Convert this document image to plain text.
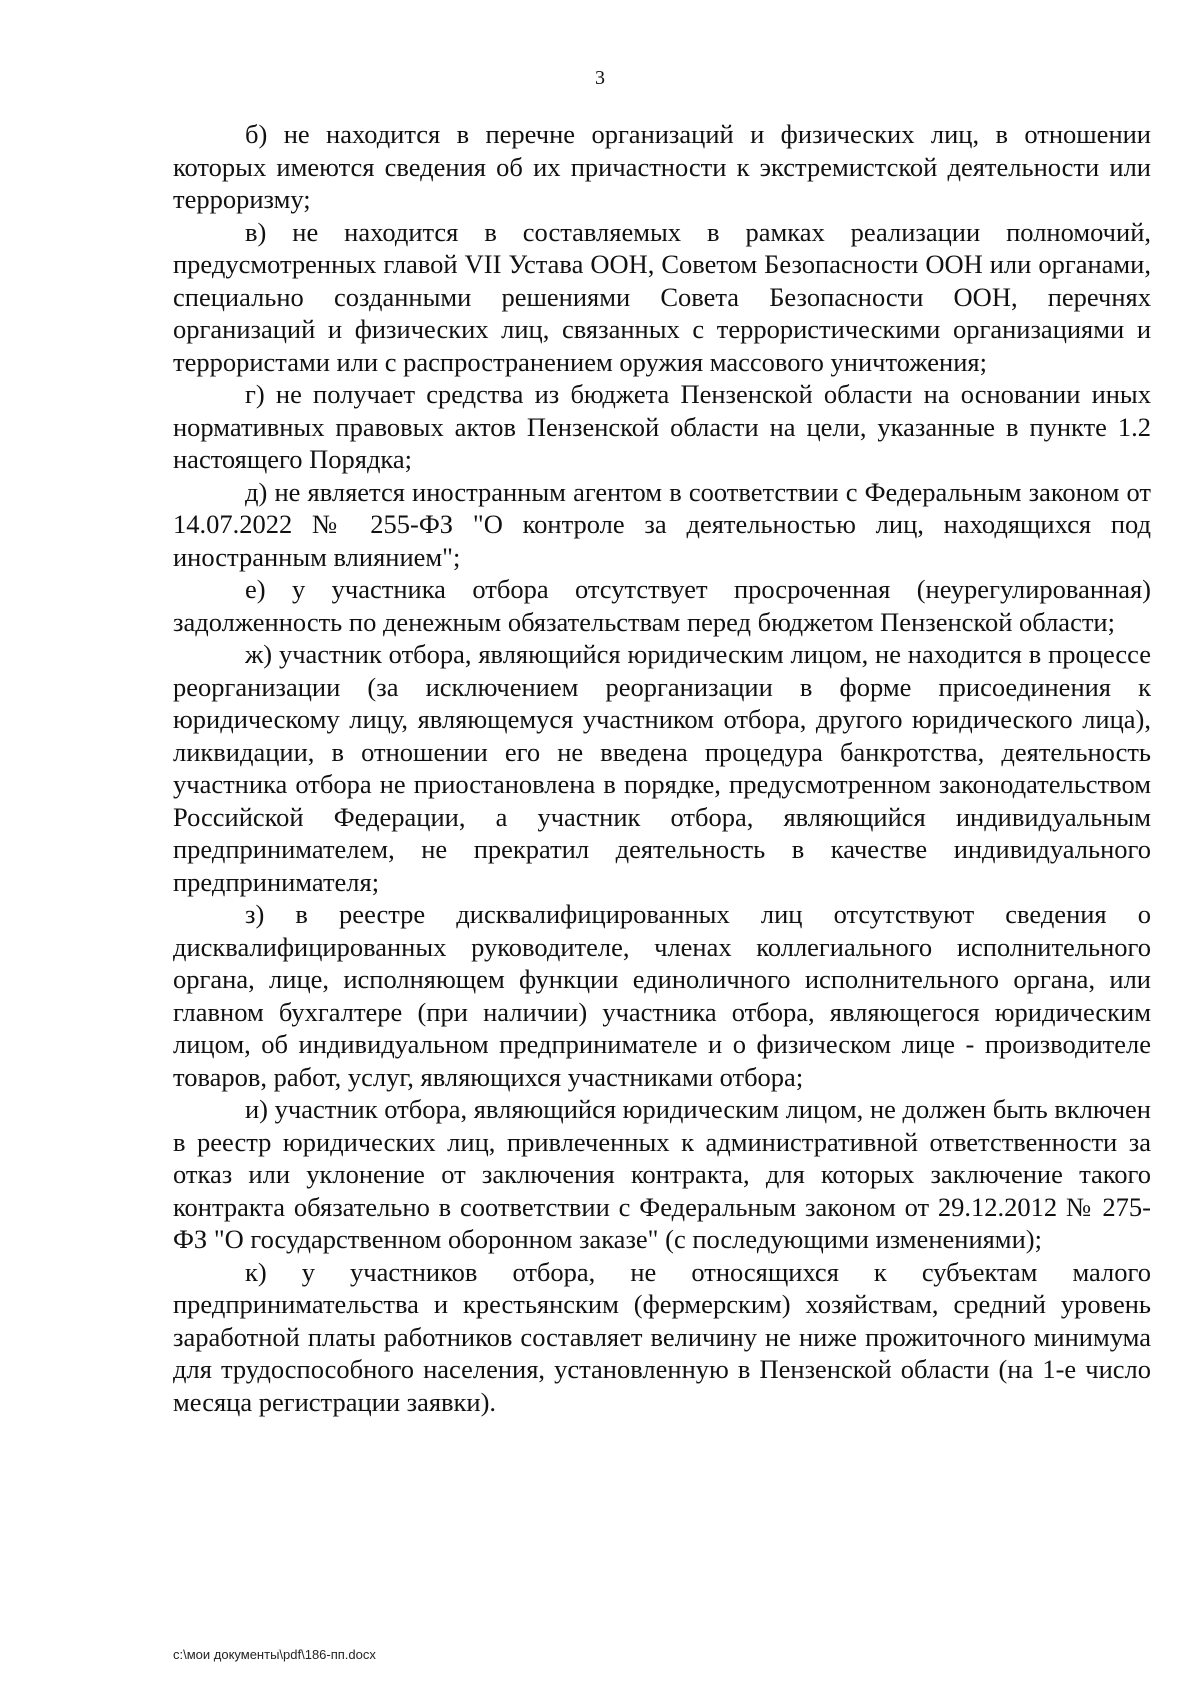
3

б) не находится в перечне организаций и физических лиц, в отношении которых имеются сведения об их причастности к экстремистской деятельности или терроризму;

в) не находится в составляемых в рамках реализации полномочий, предусмотренных главой VII Устава ООН, Советом Безопасности ООН или органами, специально созданными решениями Совета Безопасности ООН, перечнях организаций и физических лиц, связанных с террористическими организациями и террористами или с распространением оружия массового уничтожения;

г) не получает средства из бюджета Пензенской области на основании иных нормативных правовых актов Пензенской области на цели, указанные в пункте 1.2 настоящего Порядка;

д) не является иностранным агентом в соответствии с Федеральным законом от 14.07.2022 № 255-ФЗ "О контроле за деятельностью лиц, находящихся под иностранным влиянием";

е) у участника отбора отсутствует просроченная (неурегулированная) задолженность по денежным обязательствам перед бюджетом Пензенской области;

ж) участник отбора, являющийся юридическим лицом, не находится в процессе реорганизации (за исключением реорганизации в форме присоединения к юридическому лицу, являющемуся участником отбора, другого юридического лица), ликвидации, в отношении его не введена процедура банкротства, деятельность участника отбора не приостановлена в порядке, предусмотренном законодательством Российской Федерации, а участник отбора, являющийся индивидуальным предпринимателем, не прекратил деятельность в качестве индивидуального предпринимателя;

з) в реестре дисквалифицированных лиц отсутствуют сведения о дисквалифицированных руководителе, членах коллегиального исполнительного органа, лице, исполняющем функции единоличного исполнительного органа, или главном бухгалтере (при наличии) участника отбора, являющегося юридическим лицом, об индивидуальном предпринимателе и о физическом лице - производителе товаров, работ, услуг, являющихся участниками отбора;

и) участник отбора, являющийся юридическим лицом, не должен быть включен в реестр юридических лиц, привлеченных к административной ответственности за отказ или уклонение от заключения контракта, для которых заключение такого контракта обязательно в соответствии с Федеральным законом от 29.12.2012 № 275-ФЗ "О государственном оборонном заказе" (с последующими изменениями);

к) у участников отбора, не относящихся к субъектам малого предпринимательства и крестьянским (фермерским) хозяйствам, средний уровень заработной платы работников составляет величину не ниже прожиточного минимума для трудоспособного населения, установленную в Пензенской области (на 1-е число месяца регистрации заявки).

c:\мои документы\pdf\186-пп.docx
